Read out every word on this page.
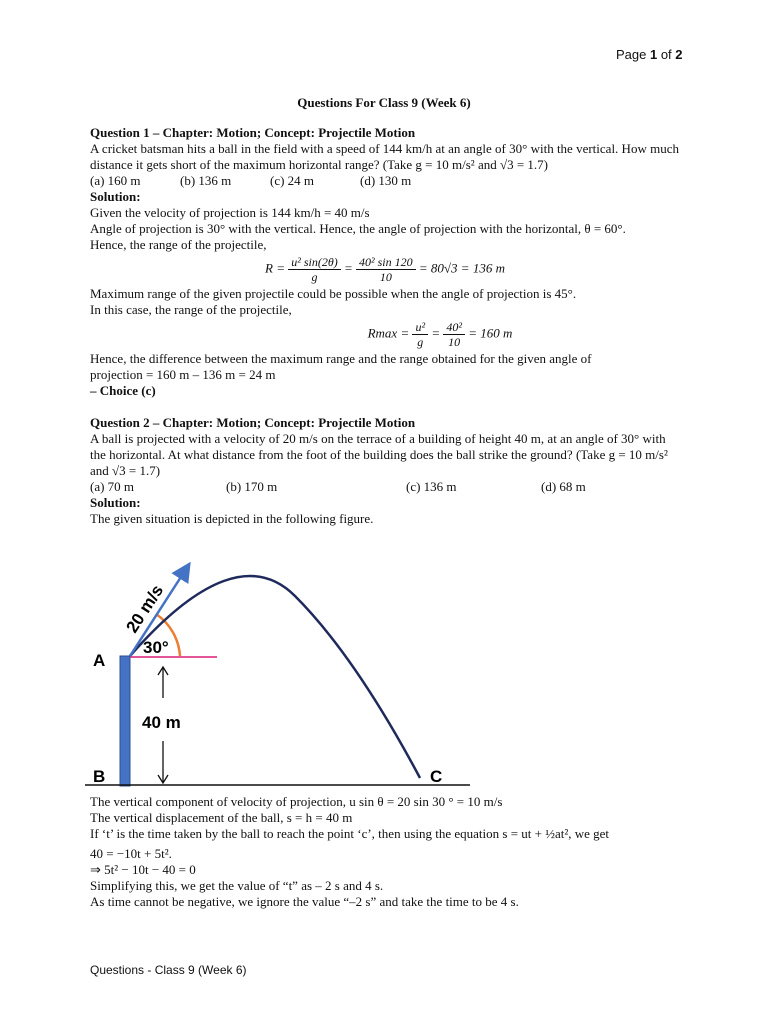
Page 1 of 2
Questions For Class 9 (Week 6)

Question 1 – Chapter: Motion; Concept: Projectile Motion

A cricket batsman hits a ball in the field with a speed of 144 km/h at an angle of 30° with the vertical. How much distance it gets short of the maximum horizontal range? (Take g = 10 m/s² and √3 = 1.7)

(a) 160 m	(b) 136 m	(c) 24 m	(d) 130 m

Solution:

Given the velocity of projection is 144 km/h = 40 m/s

Angle of projection is 30° with the vertical. Hence, the angle of projection with the horizontal, θ = 60°.

Hence, the range of the projectile,

$R = \frac{\text{u² sin(2θ)}}{g} = \frac{\text{40² sin 120}}{10} = 80√3 = 136$ m

Maximum range of the given projectile could be possible when the angle of projection is 45°.

In this case, the range of the projectile,

$Rmax = \frac{\text{u²}}{g} = \frac{\text{40²}}{10} = 160$ m

Hence, the difference between the maximum range and the range obtained for the given angle of

projection = 160 m – 136 m = 24 m

– Choice (c)

Question 2 – Chapter: Motion; Concept: Projectile Motion

A ball is projected with a velocity of 20 m/s on the terrace of a building of height 40 m, at an angle of 30° with the horizontal. At what distance from the foot of the building does the ball strike the ground? (Take g = 10 m/s² and √3 = 1.7)

(a) 70 m	(b) 170 m	(c) 136 m	(d) 68 m

Solution:

The given situation is depicted in the following figure.

20 m/s
30°
A
B	C
40 m

The vertical component of velocity of projection, u sin θ = 20 sin 30 ° = 10 m/s

The vertical displacement of the ball, s = h = 40 m

If ‘t’ is the time taken by the ball to reach the point ‘c’, then using the equation s = ut + ½at², we get

40 = −10t + 5t².

⇒ 5t² − 10t − 40 = 0

Simplifying this, we get the value of “t” as – 2 s and 4 s.

As time cannot be negative, we ignore the value “–2 s” and take the time to be 4 s.

Questions - Class 9 (Week 6)
